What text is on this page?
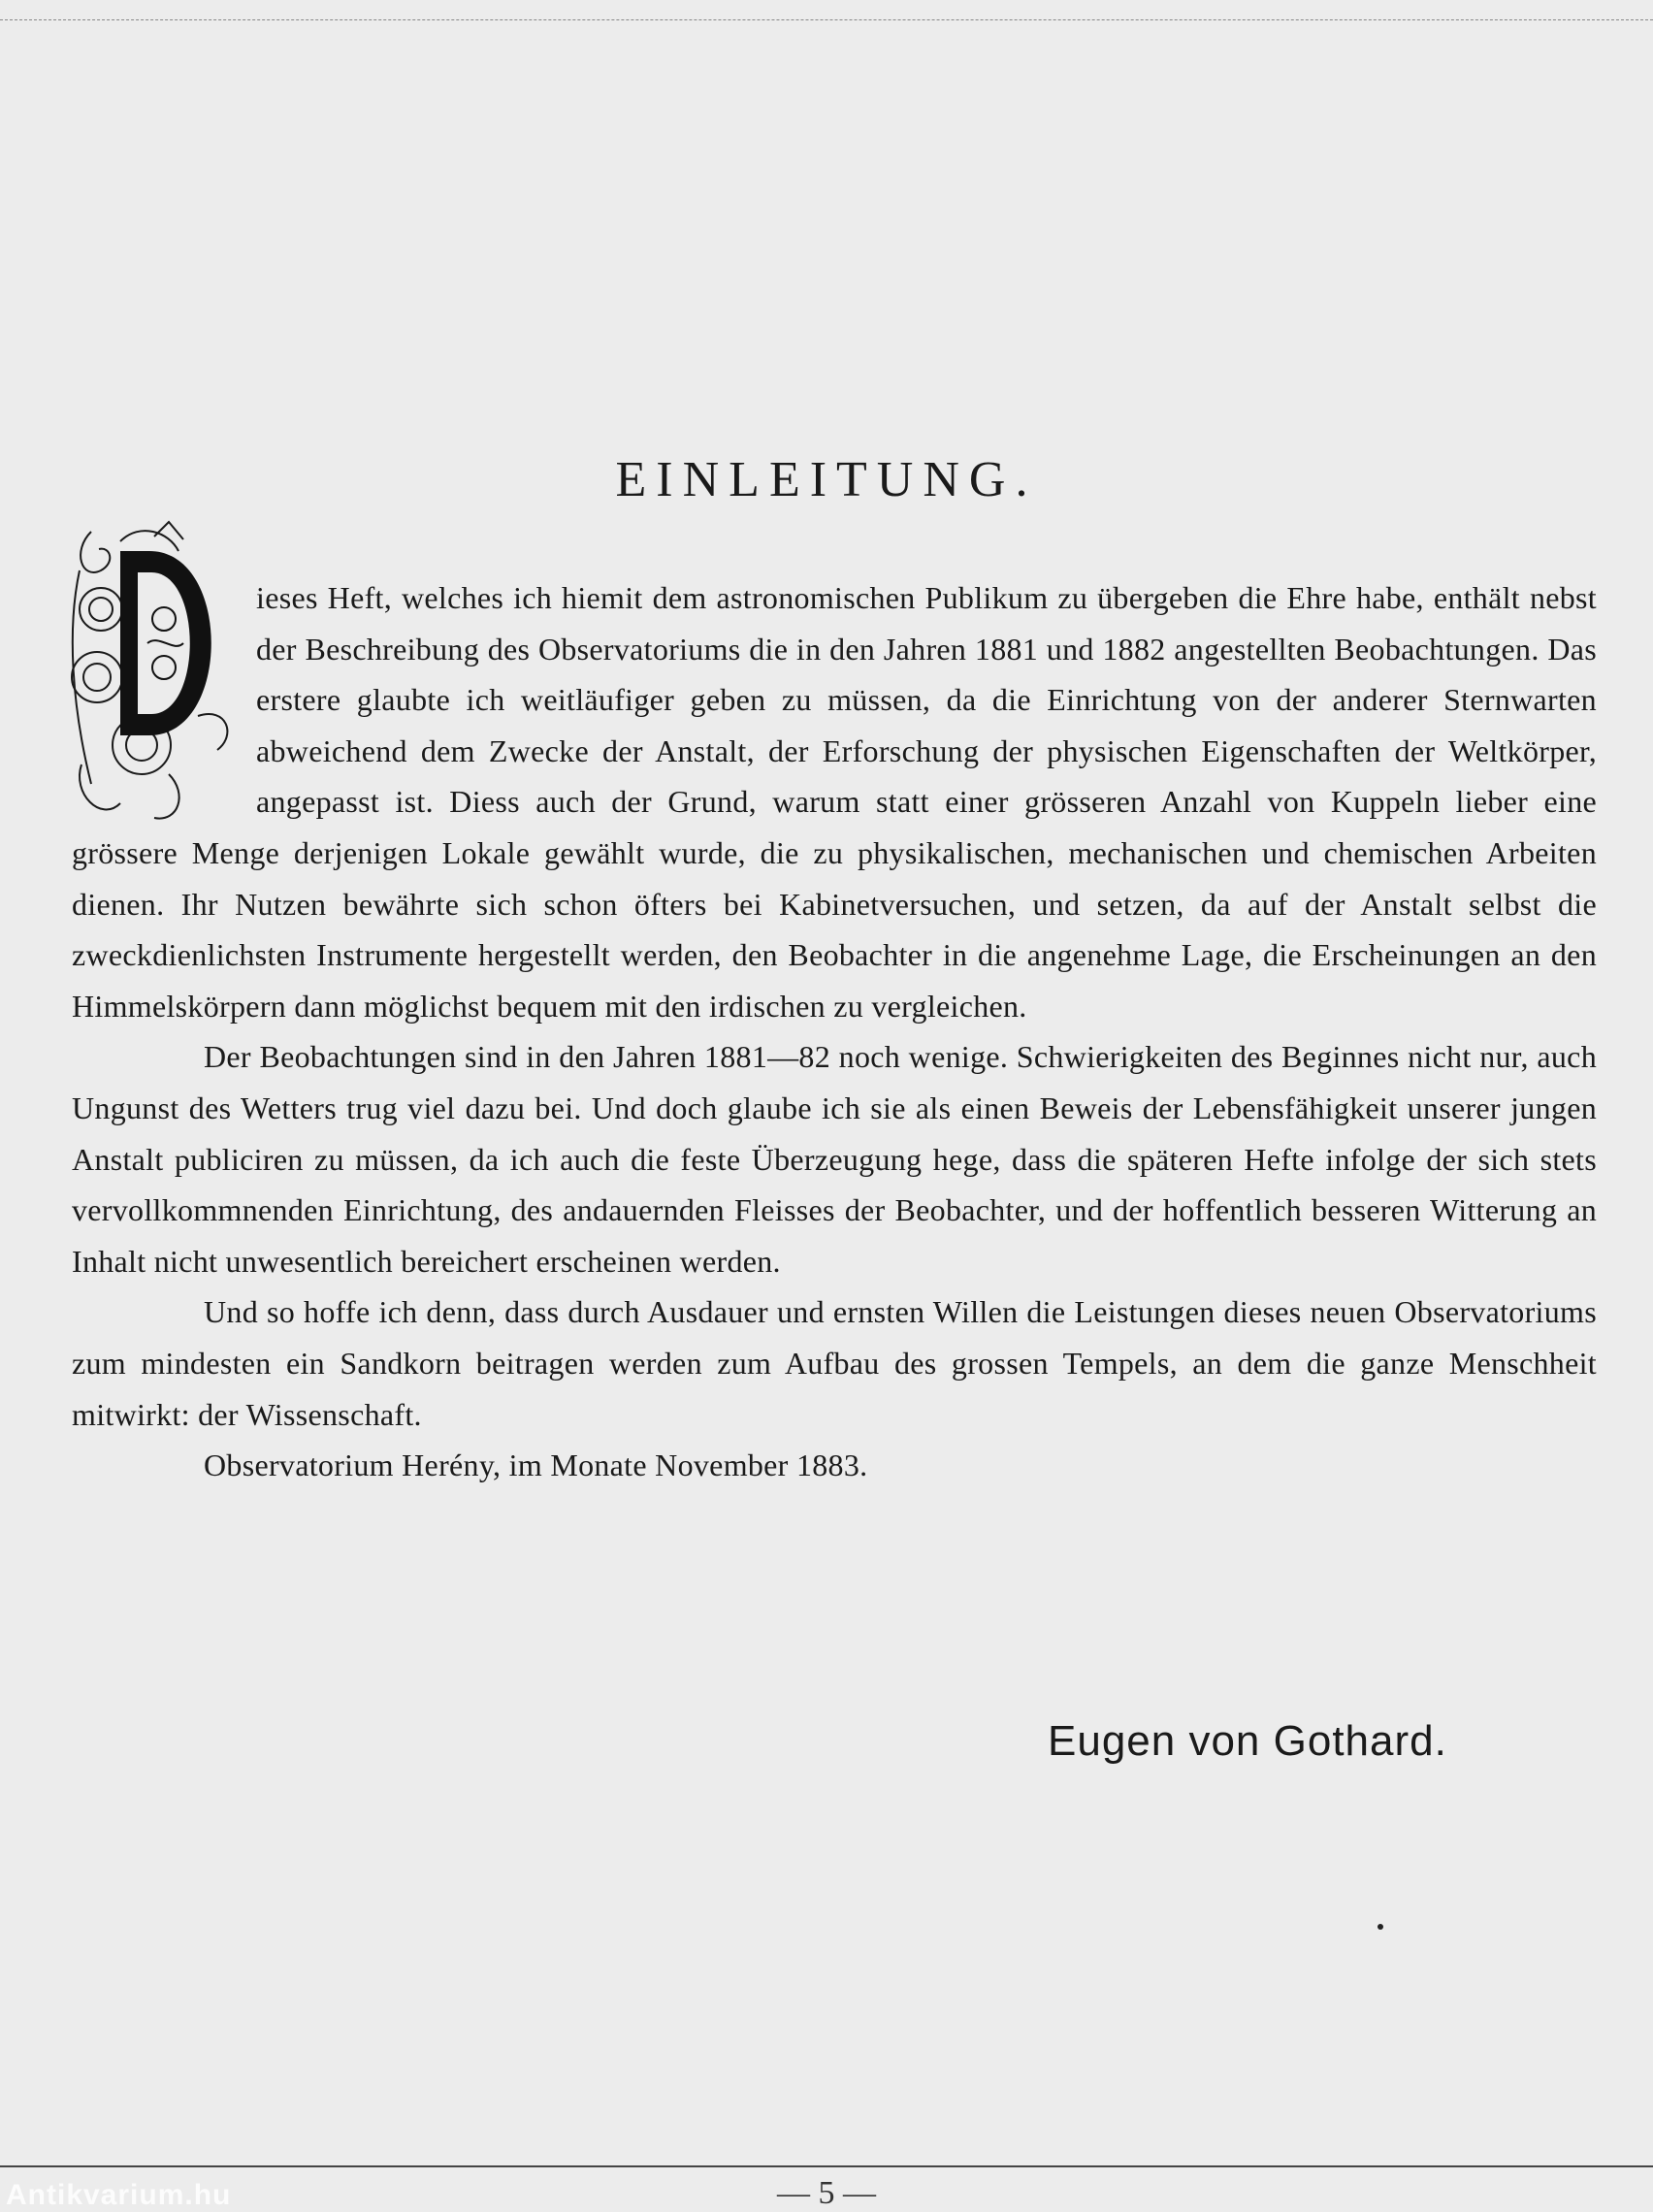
EINLEITUNG.

ieses Heft, welches ich hiemit dem astronomischen Publikum zu übergeben die Ehre habe, enthält nebst der Beschreibung des Observatoriums die in den Jahren 1881 und 1882 angestellten Beobachtungen. Das erstere glaubte ich weitläufiger geben zu müssen, da die Einrichtung von der anderer Sternwarten abweichend dem Zwecke der Anstalt, der Erforschung der physischen Eigenschaften der Weltkörper, angepasst ist. Diess auch der Grund, warum statt einer grösseren Anzahl von Kuppeln lieber eine grössere Menge derjenigen Lokale gewählt wurde, die zu physikalischen, mechanischen und chemischen Arbeiten dienen. Ihr Nutzen bewährte sich schon öfters bei Kabinetversuchen, und setzen, da auf der Anstalt selbst die zweckdienlichsten Instrumente hergestellt werden, den Beobachter in die angenehme Lage, die Erscheinungen an den Himmelskörpern dann möglichst bequem mit den irdischen zu vergleichen.

Der Beobachtungen sind in den Jahren 1881—82 noch wenige. Schwierigkeiten des Beginnes nicht nur, auch Ungunst des Wetters trug viel dazu bei. Und doch glaube ich sie als einen Beweis der Lebensfähigkeit unserer jungen Anstalt publiciren zu müssen, da ich auch die feste Überzeugung hege, dass die späteren Hefte infolge der sich stets vervollkommnenden Einrichtung, des andauernden Fleisses der Beobachter, und der hoffentlich besseren Witterung an Inhalt nicht unwesentlich bereichert erscheinen werden.

Und so hoffe ich denn, dass durch Ausdauer und ernsten Willen die Leistungen dieses neuen Observatoriums zum mindesten ein Sandkorn beitragen werden zum Aufbau des grossen Tempels, an dem die ganze Menschheit mitwirkt: der Wissenschaft.

Observatorium Herény, im Monate November 1883.

Eugen von Gothard.
— 5 —
Antikvarium.hu
